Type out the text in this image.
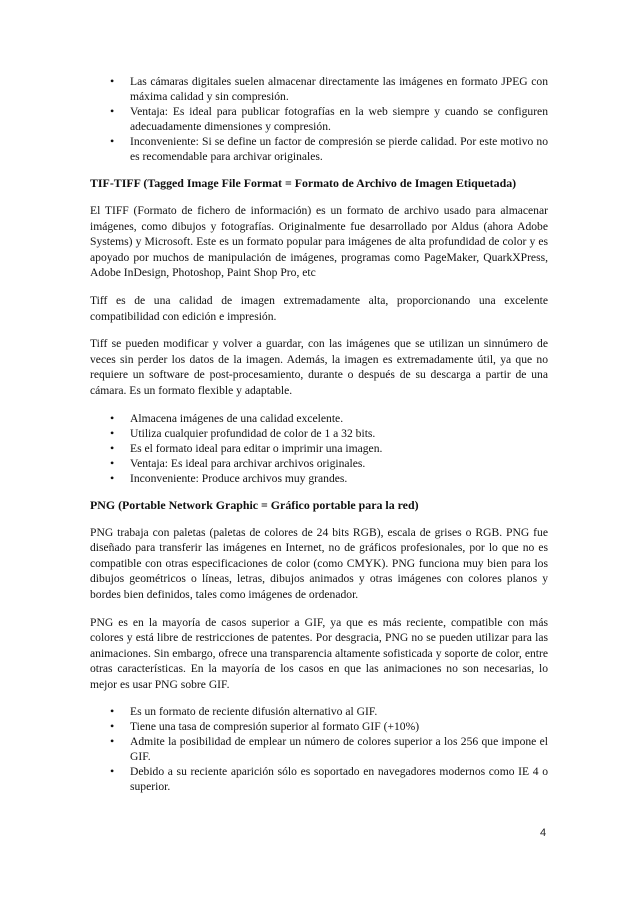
• Las cámaras digitales suelen almacenar directamente las imágenes en formato JPEG con máxima calidad y sin compresión.
• Ventaja: Es ideal para publicar fotografías en la web siempre y cuando se configuren adecuadamente dimensiones y compresión.
• Inconveniente: Si se define un factor de compresión se pierde calidad. Por este motivo no es recomendable para archivar originales.
TIF-TIFF (Tagged Image File Format = Formato de Archivo de Imagen Etiquetada)

El TIFF (Formato de fichero de información) es un formato de archivo usado para almacenar imágenes, como dibujos y fotografías. Originalmente fue desarrollado por Aldus (ahora Adobe Systems) y Microsoft. Este es un formato popular para imágenes de alta profundidad de color y es apoyado por muchos de manipulación de imágenes, programas como PageMaker, QuarkXPress, Adobe InDesign, Photoshop, Paint Shop Pro, etc

Tiff es de una calidad de imagen extremadamente alta, proporcionando una excelente compatibilidad con edición e impresión.

Tiff se pueden modificar y volver a guardar, con las imágenes que se utilizan un sinnúmero de veces sin perder los datos de la imagen. Además, la imagen es extremadamente útil, ya que no requiere un software de post-procesamiento, durante o después de su descarga a partir de una cámara. Es un formato flexible y adaptable.

• Almacena imágenes de una calidad excelente.
• Utiliza cualquier profundidad de color de 1 a 32 bits.
• Es el formato ideal para editar o imprimir una imagen.
• Ventaja: Es ideal para archivar archivos originales.
• Inconveniente: Produce archivos muy grandes.
PNG (Portable Network Graphic = Gráfico portable para la red)

PNG trabaja con paletas (paletas de colores de 24 bits RGB), escala de grises o RGB. PNG fue diseñado para transferir las imágenes en Internet, no de gráficos profesionales, por lo que no es compatible con otras especificaciones de color (como CMYK). PNG funciona muy bien para los dibujos geométricos o líneas, letras, dibujos animados y otras imágenes con colores planos y bordes bien definidos, tales como imágenes de ordenador.

PNG es en la mayoría de casos superior a GIF, ya que es más reciente, compatible con más colores y está libre de restricciones de patentes. Por desgracia, PNG no se pueden utilizar para las animaciones. Sin embargo, ofrece una transparencia altamente sofisticada y soporte de color, entre otras características. En la mayoría de los casos en que las animaciones no son necesarias, lo mejor es usar PNG sobre GIF.

• Es un formato de reciente difusión alternativo al GIF.
• Tiene una tasa de compresión superior al formato GIF (+10%)
• Admite la posibilidad de emplear un número de colores superior a los 256 que impone el GIF.
• Debido a su reciente aparición sólo es soportado en navegadores modernos como IE 4 o superior.
4
